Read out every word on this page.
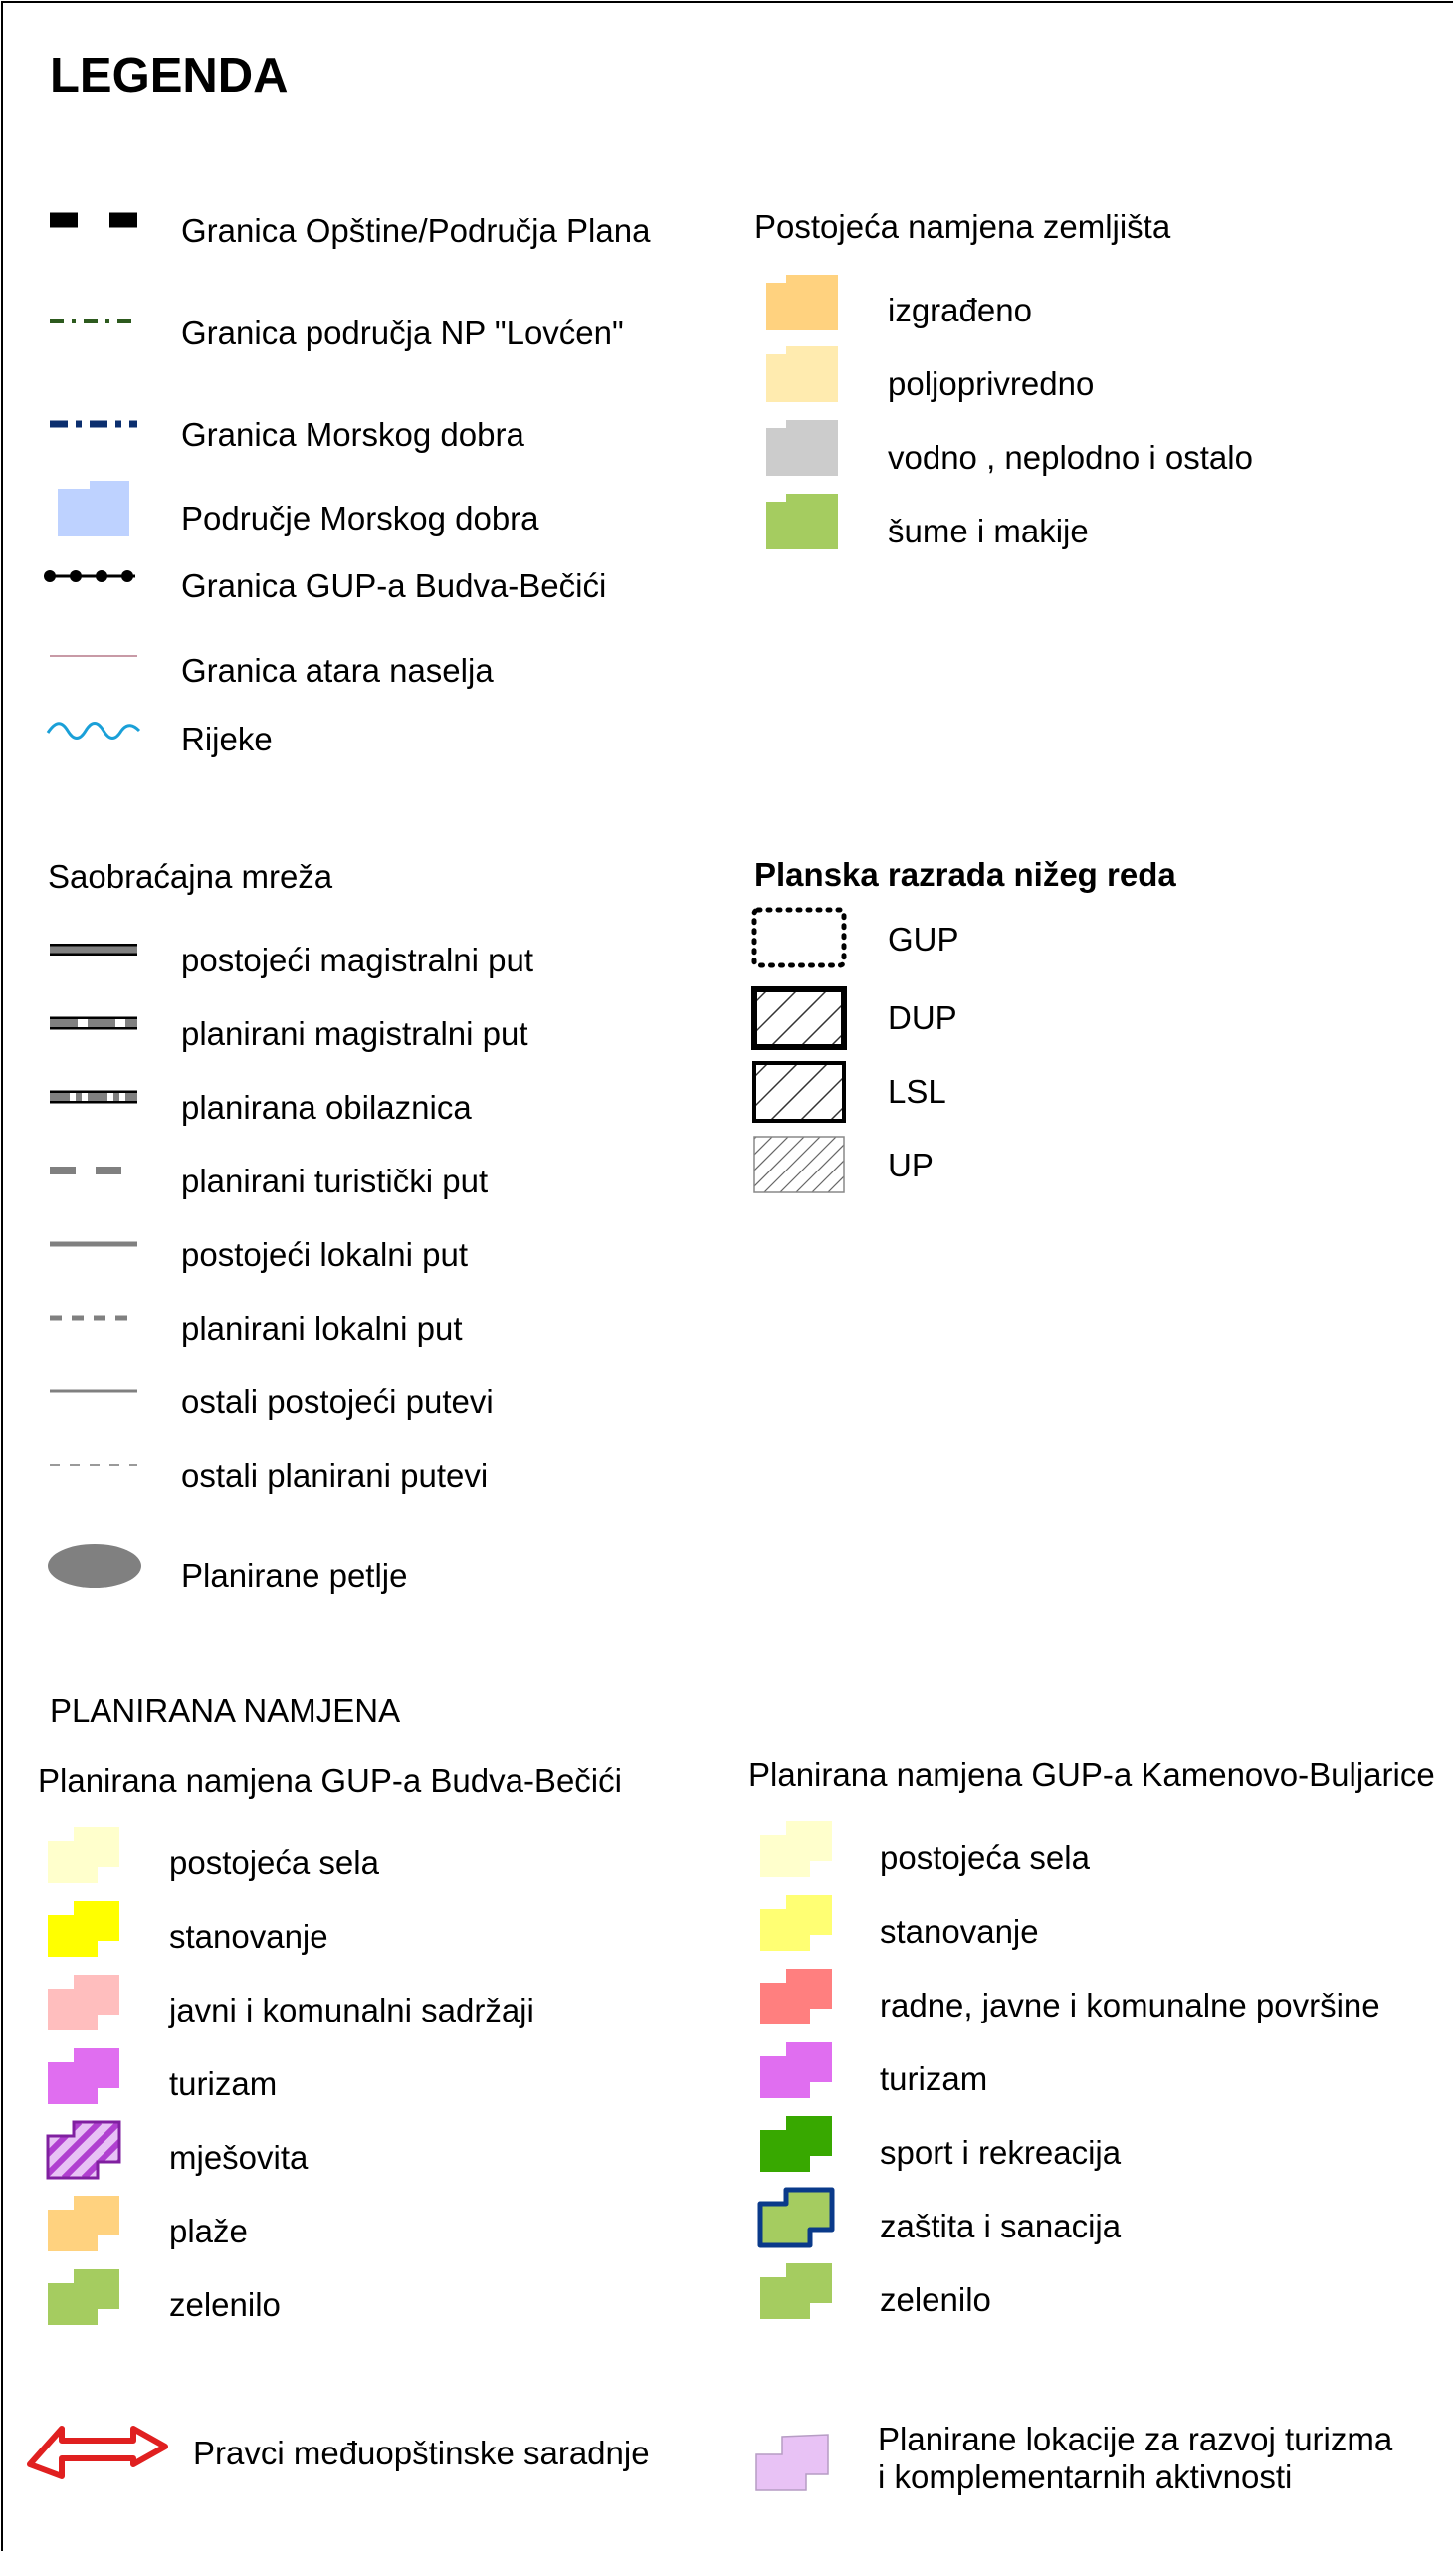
LEGENDA
Granica Opštine/Područja Plana
Granica područja NP "Lovćen"
Granica Morskog dobra
Područje Morskog dobra
Granica GUP-a Budva-Bečići
Granica atara naselja
Rijeke
Postojeća namjena zemljišta
izgrađeno
poljoprivredno
vodno , neplodno i ostalo
šume i makije
Saobraćajna mreža
postojeći magistralni put
planirani magistralni put
planirana obilaznica
planirani turistički put
postojeći lokalni put
planirani lokalni put
ostali postojeći putevi
ostali planirani putevi
Planirane petlje
Planska razrada nižeg reda
GUP
DUP
LSL
UP
PLANIRANA NAMJENA
Planirana namjena GUP-a Budva-Bečići	Planirana namjena GUP-a Kamenovo-Buljarice
postojeća sela
stanovanje
javni i komunalni sadržaji
turizam
mješovita
plaže
zelenilo
postojeća sela
stanovanje
radne, javne i komunalne površine
turizam
sport i rekreacija
zaštita i sanacija
zelenilo
Pravci međuopštinske saradnje	Planirane lokacije za razvoj turizma
i komplementarnih aktivnosti
